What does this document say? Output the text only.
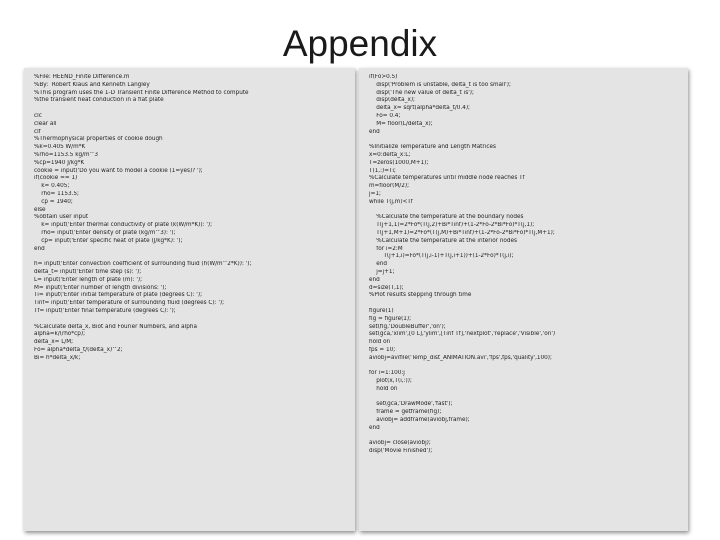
Appendix
%File: HEEND_Finite Difference.m
%By:  Robert Klaus and Kenneth Langley
%This program uses the 1-D Transient Finite Difference Method to compute
%the transient heat conduction in a flat plate
clc
clear all
clf
%Thermophysical properties of cookie dough
%k=0.405 W/m*K
%rho=1153.5 kg/m^3
%cp=1940 J/kg*K
cookie = input('Do you want to model a cookie (1=yes)? ');
if(cookie == 1)
k= 0.405;
rho= 1153.5;
cp = 1940;
else
%obtain user input
k= input('Enter thermal conductivity of plate (k(W/m*K)): ');
rho= input('Enter density of plate (kg/m^3): ');
cp= input('Enter specific heat of plate (J/kg*K): ');
end
h= input('Enter convection coefficient of surrounding fluid (h(W/m^2*K)): ');
delta_t= input('Enter time step (s): ');
L= input('Enter length of plate (m): ');
M= input('Enter number of length divisions: ');
Ti= input('Enter initial temperature of plate (degrees C): ');
Tinf= input('Enter temperature of surrounding fluid (degrees C): ');
Tf= input('Enter final temperature (degrees C): ');
%Calculate delta_x, Biot and Fourier Numbers, and alpha
alpha=k/(rho*cp);
delta_x= L/M;
Fo= alpha*delta_t/(delta_x)^2;
Bi= h*delta_x/k;
if(Fo>0.5)
disp('Problem is unstable, delta_t is too small');
disp('The new value of delta_t is');
disp(delta_x);
delta_x= sqrt(alpha*delta_t/0.4);
Fo= 0.4;
M= floor(L/delta_x);
end
%Initialize Temperature and Length Matrices
x=0:delta_x:L;
T=zeros(1000,M+1);
T(1,:)=Ti;
%Calculate temperatures until middle node reaches Tf
m=floor(M/2);
j=1;
while T(j,m)<Tf
%Calculate the temperature at the boundary nodes
T(j+1,1)=2*Fo*(T(j,2)+Bi*Tinf)+(1-2*Fo-2*Bi*Fo)*T(j,1);
T(j+1,M+1)=2*Fo*(T(j,M)+Bi*Tinf)+(1-2*Fo-2*Bi*Fo)*T(j,M+1);
%Calculate the temperature at the interior nodes
for i=2:M
T(j+1,i)=Fo*(T(j,i-1)+T(j,i+1))+(1-2*Fo)*T(j,i);
end
j=j+1;
end
d=size(T,1);
%Plot results stepping through time
figure(1)
fig = figure(1);
set(fig,'DoubleBuffer','on');
set(gca,'xlim',[0 L],'ylim',[Tinf Tf],'nextplot','replace','Visible','on')
hold on
fps = 10;
aviobj=avifile('Temp_dist_ANIMATION.avi','fps',fps,'quality',100);
for i=1:100:j
plot(x,T(i,:));
hold on
set(gca,'DrawMode','fast');
frame = getframe(fig);
aviobj= addframe(aviobj,frame);
end
aviobj= close(aviobj);
disp('Movie Finished');
